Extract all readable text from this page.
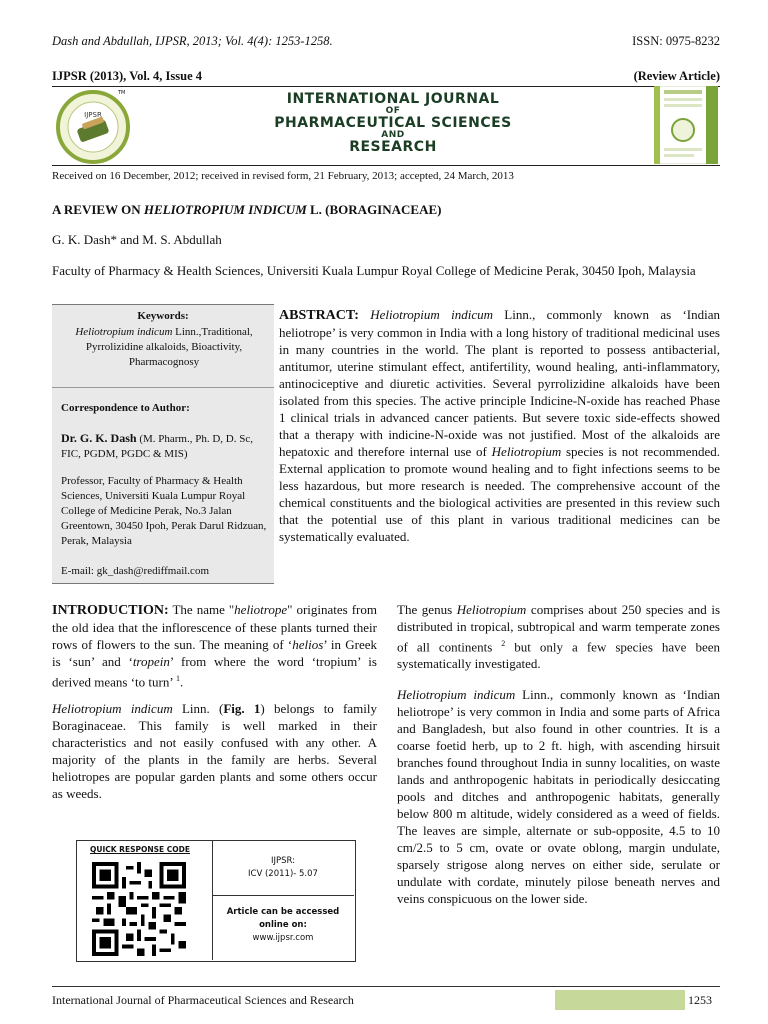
Dash and Abdullah, IJPSR, 2013; Vol. 4(4): 1253-1258.	ISSN: 0975-8232
IJPSR (2013), Vol. 4, Issue 4	(Review Article)
IJPSR
TM	INTERNATIONAL JOURNAL
OF
PHARMACEUTICAL SCIENCES
AND
RESEARCH
Received on 16 December, 2012; received in revised form, 21 February, 2013; accepted, 24 March, 2013
A REVIEW ON HELIOTROPIUM INDICUM L. (BORAGINACEAE)
G. K. Dash* and M. S. Abdullah
Faculty of Pharmacy & Health Sciences, Universiti Kuala Lumpur Royal College of Medicine Perak, 30450 Ipoh, Malaysia
Keywords:
Heliotropium indicum Linn.,Traditional, Pyrrolizidine alkaloids, Bioactivity, Pharmacognosy
Correspondence to Author:
Dr. G. K. Dash (M. Pharm., Ph. D, D. Sc, FIC, PGDM, PGDC & MIS)
Professor, Faculty of Pharmacy & Health Sciences, Universiti Kuala Lumpur Royal College of Medicine Perak, No.3 Jalan Greentown, 30450 Ipoh, Perak Darul Ridzuan, Perak, Malaysia
E-mail: gk_dash@rediffmail.com
ABSTRACT: Heliotropium indicum Linn., commonly known as ‘Indian heliotrope’ is very common in India with a long history of traditional medicinal uses in many countries in the world. The plant is reported to possess antibacterial, antitumor, uterine stimulant effect, antifertility, wound healing, anti-inflammatory, antinociceptive and diuretic activities. Several pyrrolizidine alkaloids have been isolated from this species. The active principle Indicine-N-oxide has reached Phase 1 clinical trials in advanced cancer patients. But severe toxic side-effects showed that a therapy with indicine-N-oxide was not justified. Most of the alkaloids are hepatoxic and therefore internal use of Heliotropium species is not recommended. External application to promote wound healing and to fight infections seems to be less hazardous, but more research is needed. The comprehensive account of the chemical constituents and the biological activities are presented in this review such that the potential use of this plant in various traditional medicines can be systematically evaluated.

INTRODUCTION: The name "heliotrope" originates from the old idea that the inflorescence of these plants turned their rows of flowers to the sun. The meaning of ‘helios’ in Greek is ‘sun’ and ‘tropein’ from where the word ‘tropium’ is derived means ‘to turn’ $^1$.

Heliotropium indicum Linn. (Fig. 1) belongs to family Boraginaceae. This family is well marked in their characteristics and not easily confused with any other. A majority of the plants in the family are herbs. Several heliotropes are popular garden plants and some others occur as weeds.

The genus Heliotropium comprises about 250 species and is distributed in tropical, subtropical and warm temperate zones of all continents $^2$ but only a few species have been systematically investigated.

Heliotropium indicum Linn., commonly known as ‘Indian heliotrope’ is very common in India and some parts of Africa and Bangladesh, but also found in other countries. It is a coarse foetid herb, up to 2 ft. high, with ascending hirsuit branches found throughout India in sunny localities, on waste lands and anthropogenic habitats in periodically desiccating pools and ditches and anthropogenic habitats, generally below 800 m altitude, widely considered as a weed of fields. The leaves are simple, alternate or sub-opposite, 4.5 to 10 cm/2.5 to 5 cm, ovate or ovate oblong, margin undulate, sparsely strigose along nerves on either side, serulate or undulate with cordate, minutely pilose beneath nerves and veins conspicuous on the lower side.

QUICK RESPONSE CODE
IJPSR:
ICV (2011)- 5.07
Article can be accessed
online on:
www.ijpsr.com
International Journal of Pharmaceutical Sciences and Research	1253
